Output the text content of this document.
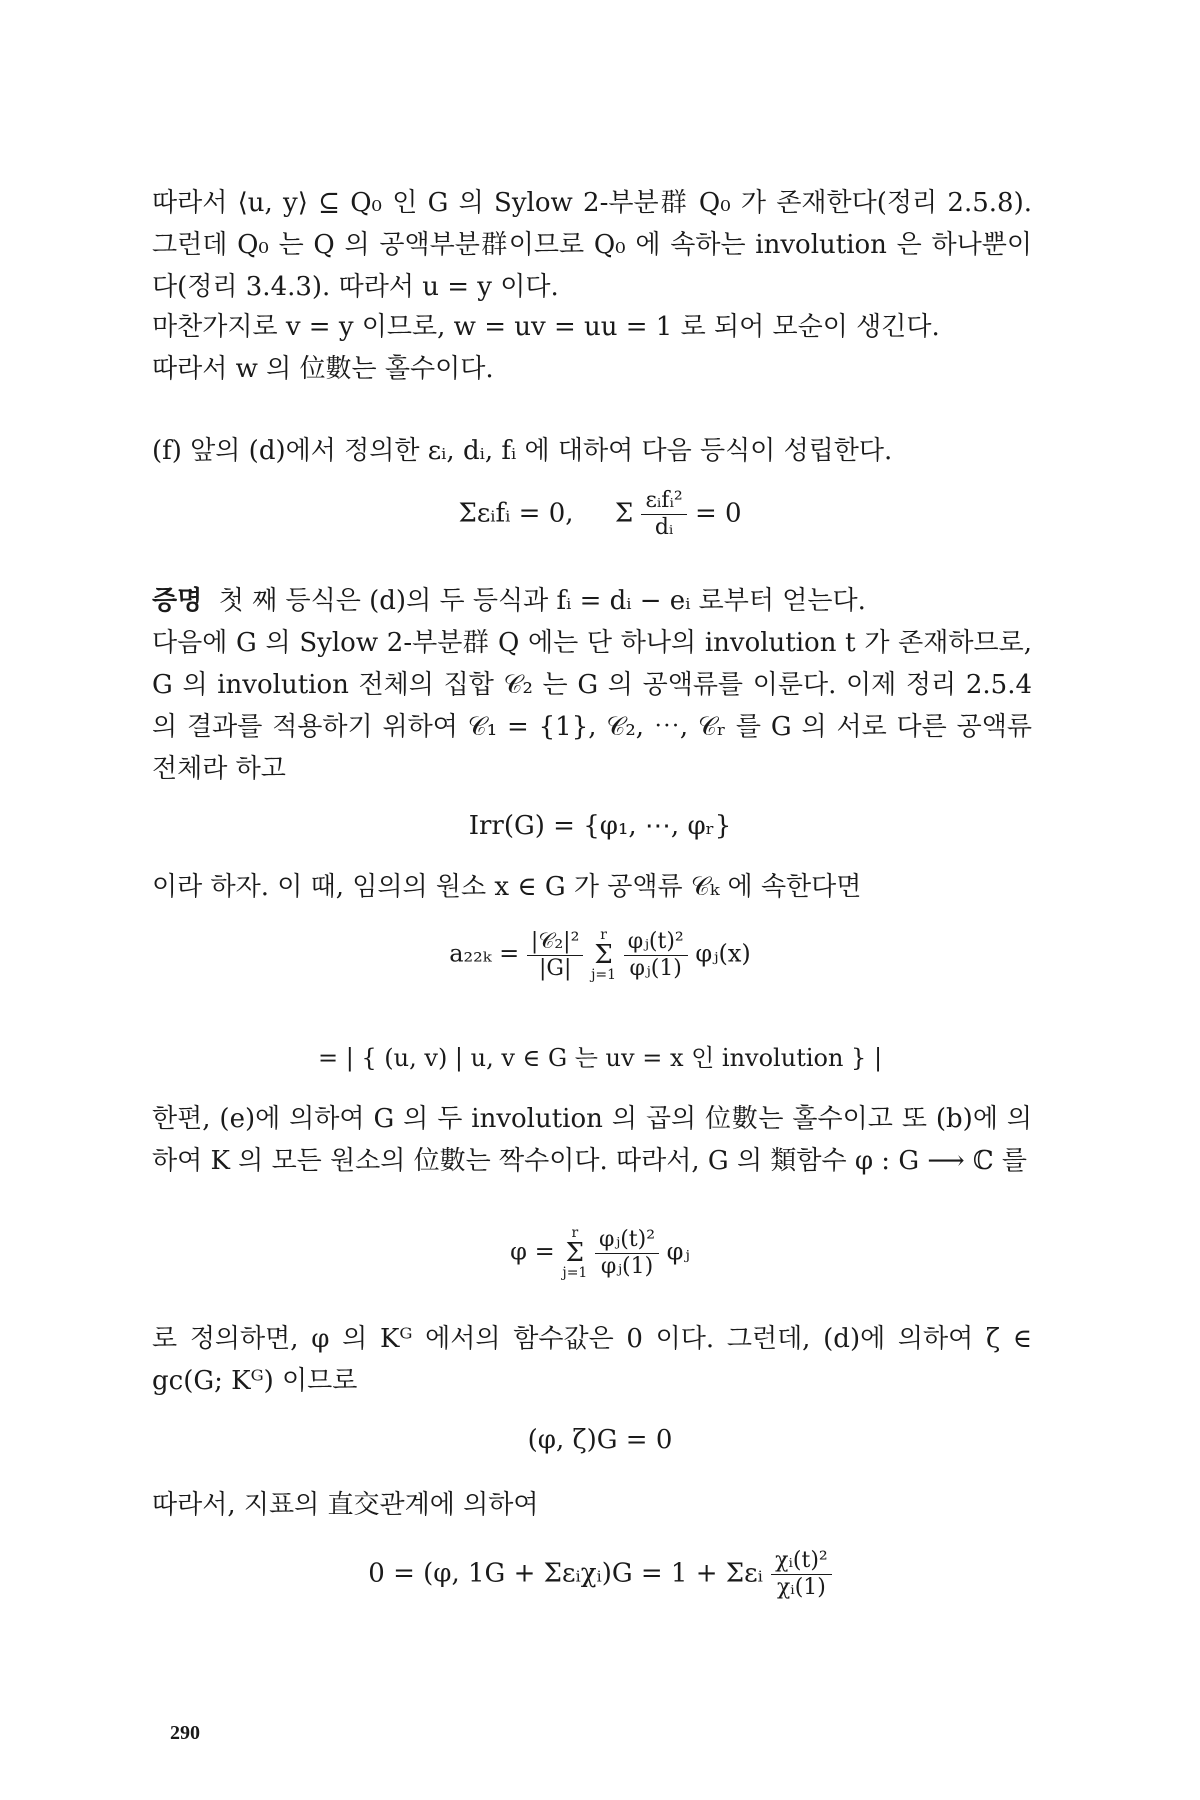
따라서 ⟨u, y⟩ ⊆ Q₀ 인 G 의 Sylow 2-부분群 Q₀ 가 존재한다(정리 2.5.8). 그런데 Q₀ 는 Q 의 공액부분群이므로 Q₀ 에 속하는 involution 은 하나뿐이다(정리 3.4.3). 따라서 u = y 이다.
마찬가지로 v = y 이므로, w = uv = uu = 1 로 되어 모순이 생긴다.
따라서 w 의 位數는 홀수이다.
(f) 앞의 (d)에서 정의한 εᵢ, dᵢ, fᵢ 에 대하여 다음 등식이 성립한다.
Σεᵢfᵢ = 0, Σ εᵢfᵢ²
dᵢ = 0
증명 첫 째 등식은 (d)의 두 등식과 fᵢ = dᵢ − eᵢ 로부터 얻는다.
다음에 G 의 Sylow 2-부분群 Q 에는 단 하나의 involution t 가 존재하므로, G 의 involution 전체의 집합 𝒞₂ 는 G 의 공액류를 이룬다. 이제 정리 2.5.4의 결과를 적용하기 위하여 𝒞₁ = {1}, 𝒞₂, ⋯, 𝒞ᵣ 를 G 의 서로 다른 공액류 전체라 하고
Irr(G) = {φ₁, ⋯, φᵣ}
이라 하자. 이 때, 임의의 원소 x ∈ G 가 공액류 𝒞ₖ 에 속한다면
a₂₂ₖ = |𝒞₂|²
|G|

r
Σ
j=1
$\frac{\text{φⱼ(t)²}}{\text{φⱼ(1)}}$ φⱼ(x)
= | { (u, v) | u, v ∈ G 는 uv = x 인 involution } |
한편, (e)에 의하여 G 의 두 involution 의 곱의 位數는 홀수이고 또 (b)에 의하여 K 의 모든 원소의 位數는 짝수이다. 따라서, G 의 類함수 φ : G ⟶ ℂ 를
φ =
r
Σ
j=1
$\frac{\text{φⱼ(t)²}}{\text{φⱼ(1)}}$ φⱼ
로 정의하면, φ 의 Kᴳ 에서의 함수값은 0 이다. 그런데, (d)에 의하여 ζ ∈ gc(G; Kᴳ) 이므로
(φ, ζ)G = 0
따라서, 지표의 直交관계에 의하여
0 = (φ, 1G + Σεᵢχᵢ)G = 1 + Σεᵢ $\frac{\text{χᵢ(t)²}}{\text{χᵢ(1)}}$
290
